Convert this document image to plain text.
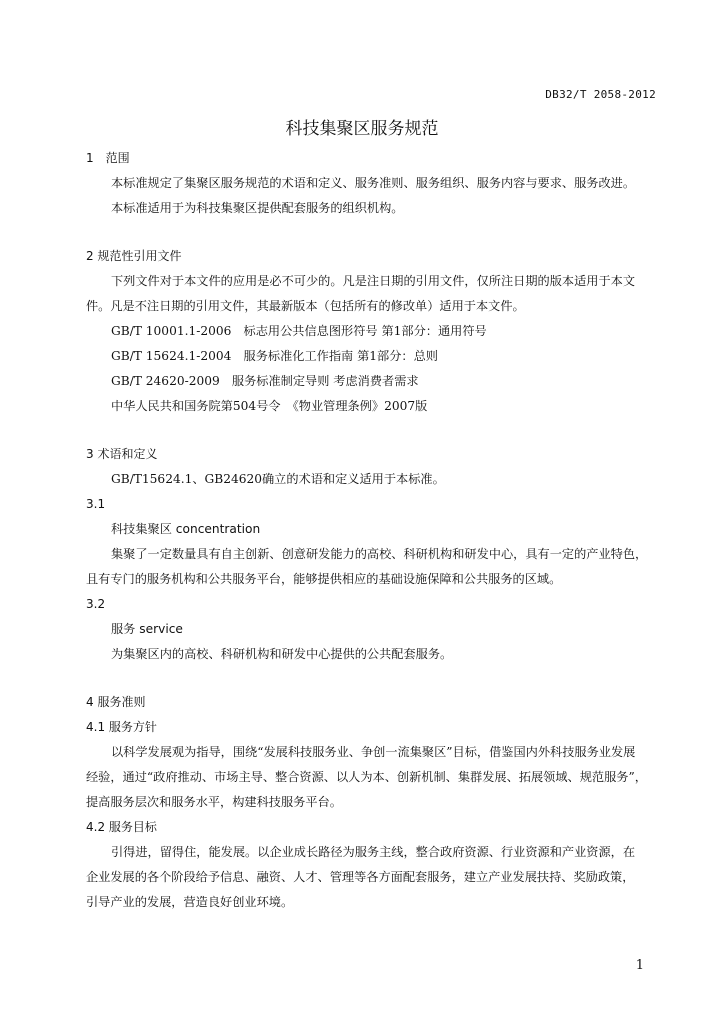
DB32/T 2058-2012
科技集聚区服务规范
1　范围
本标准规定了集聚区服务规范的术语和定义、服务准则、服务组织、服务内容与要求、服务改进。
本标准适用于为科技集聚区提供配套服务的组织机构。
2 规范性引用文件
下列文件对于本文件的应用是必不可少的。凡是注日期的引用文件，仅所注日期的版本适用于本文
件。凡是不注日期的引用文件，其最新版本（包括所有的修改单）适用于本文件。
GB/T 10001.1-2006　标志用公共信息图形符号 第1部分：通用符号
GB/T 15624.1-2004　服务标准化工作指南 第1部分：总则
GB/T 24620-2009　服务标准制定导则 考虑消费者需求
中华人民共和国务院第504号令　《物业管理条例》2007版
3 术语和定义
GB/T15624.1、GB24620确立的术语和定义适用于本标准。
3.1
科技集聚区 concentration
集聚了一定数量具有自主创新、创意研发能力的高校、科研机构和研发中心，具有一定的产业特色，
且有专门的服务机构和公共服务平台，能够提供相应的基础设施保障和公共服务的区域。
3.2
服务 service
为集聚区内的高校、科研机构和研发中心提供的公共配套服务。
4 服务准则
4.1 服务方针
以科学发展观为指导，围绕“发展科技服务业、争创一流集聚区”目标，借鉴国内外科技服务业发展
经验，通过“政府推动、市场主导、整合资源、以人为本、创新机制、集群发展、拓展领域、规范服务”，
提高服务层次和服务水平，构建科技服务平台。
4.2 服务目标
引得进，留得住，能发展。以企业成长路径为服务主线，整合政府资源、行业资源和产业资源，在
企业发展的各个阶段给予信息、融资、人才、管理等各方面配套服务，建立产业发展扶持、奖励政策，
引导产业的发展，营造良好创业环境。
1
